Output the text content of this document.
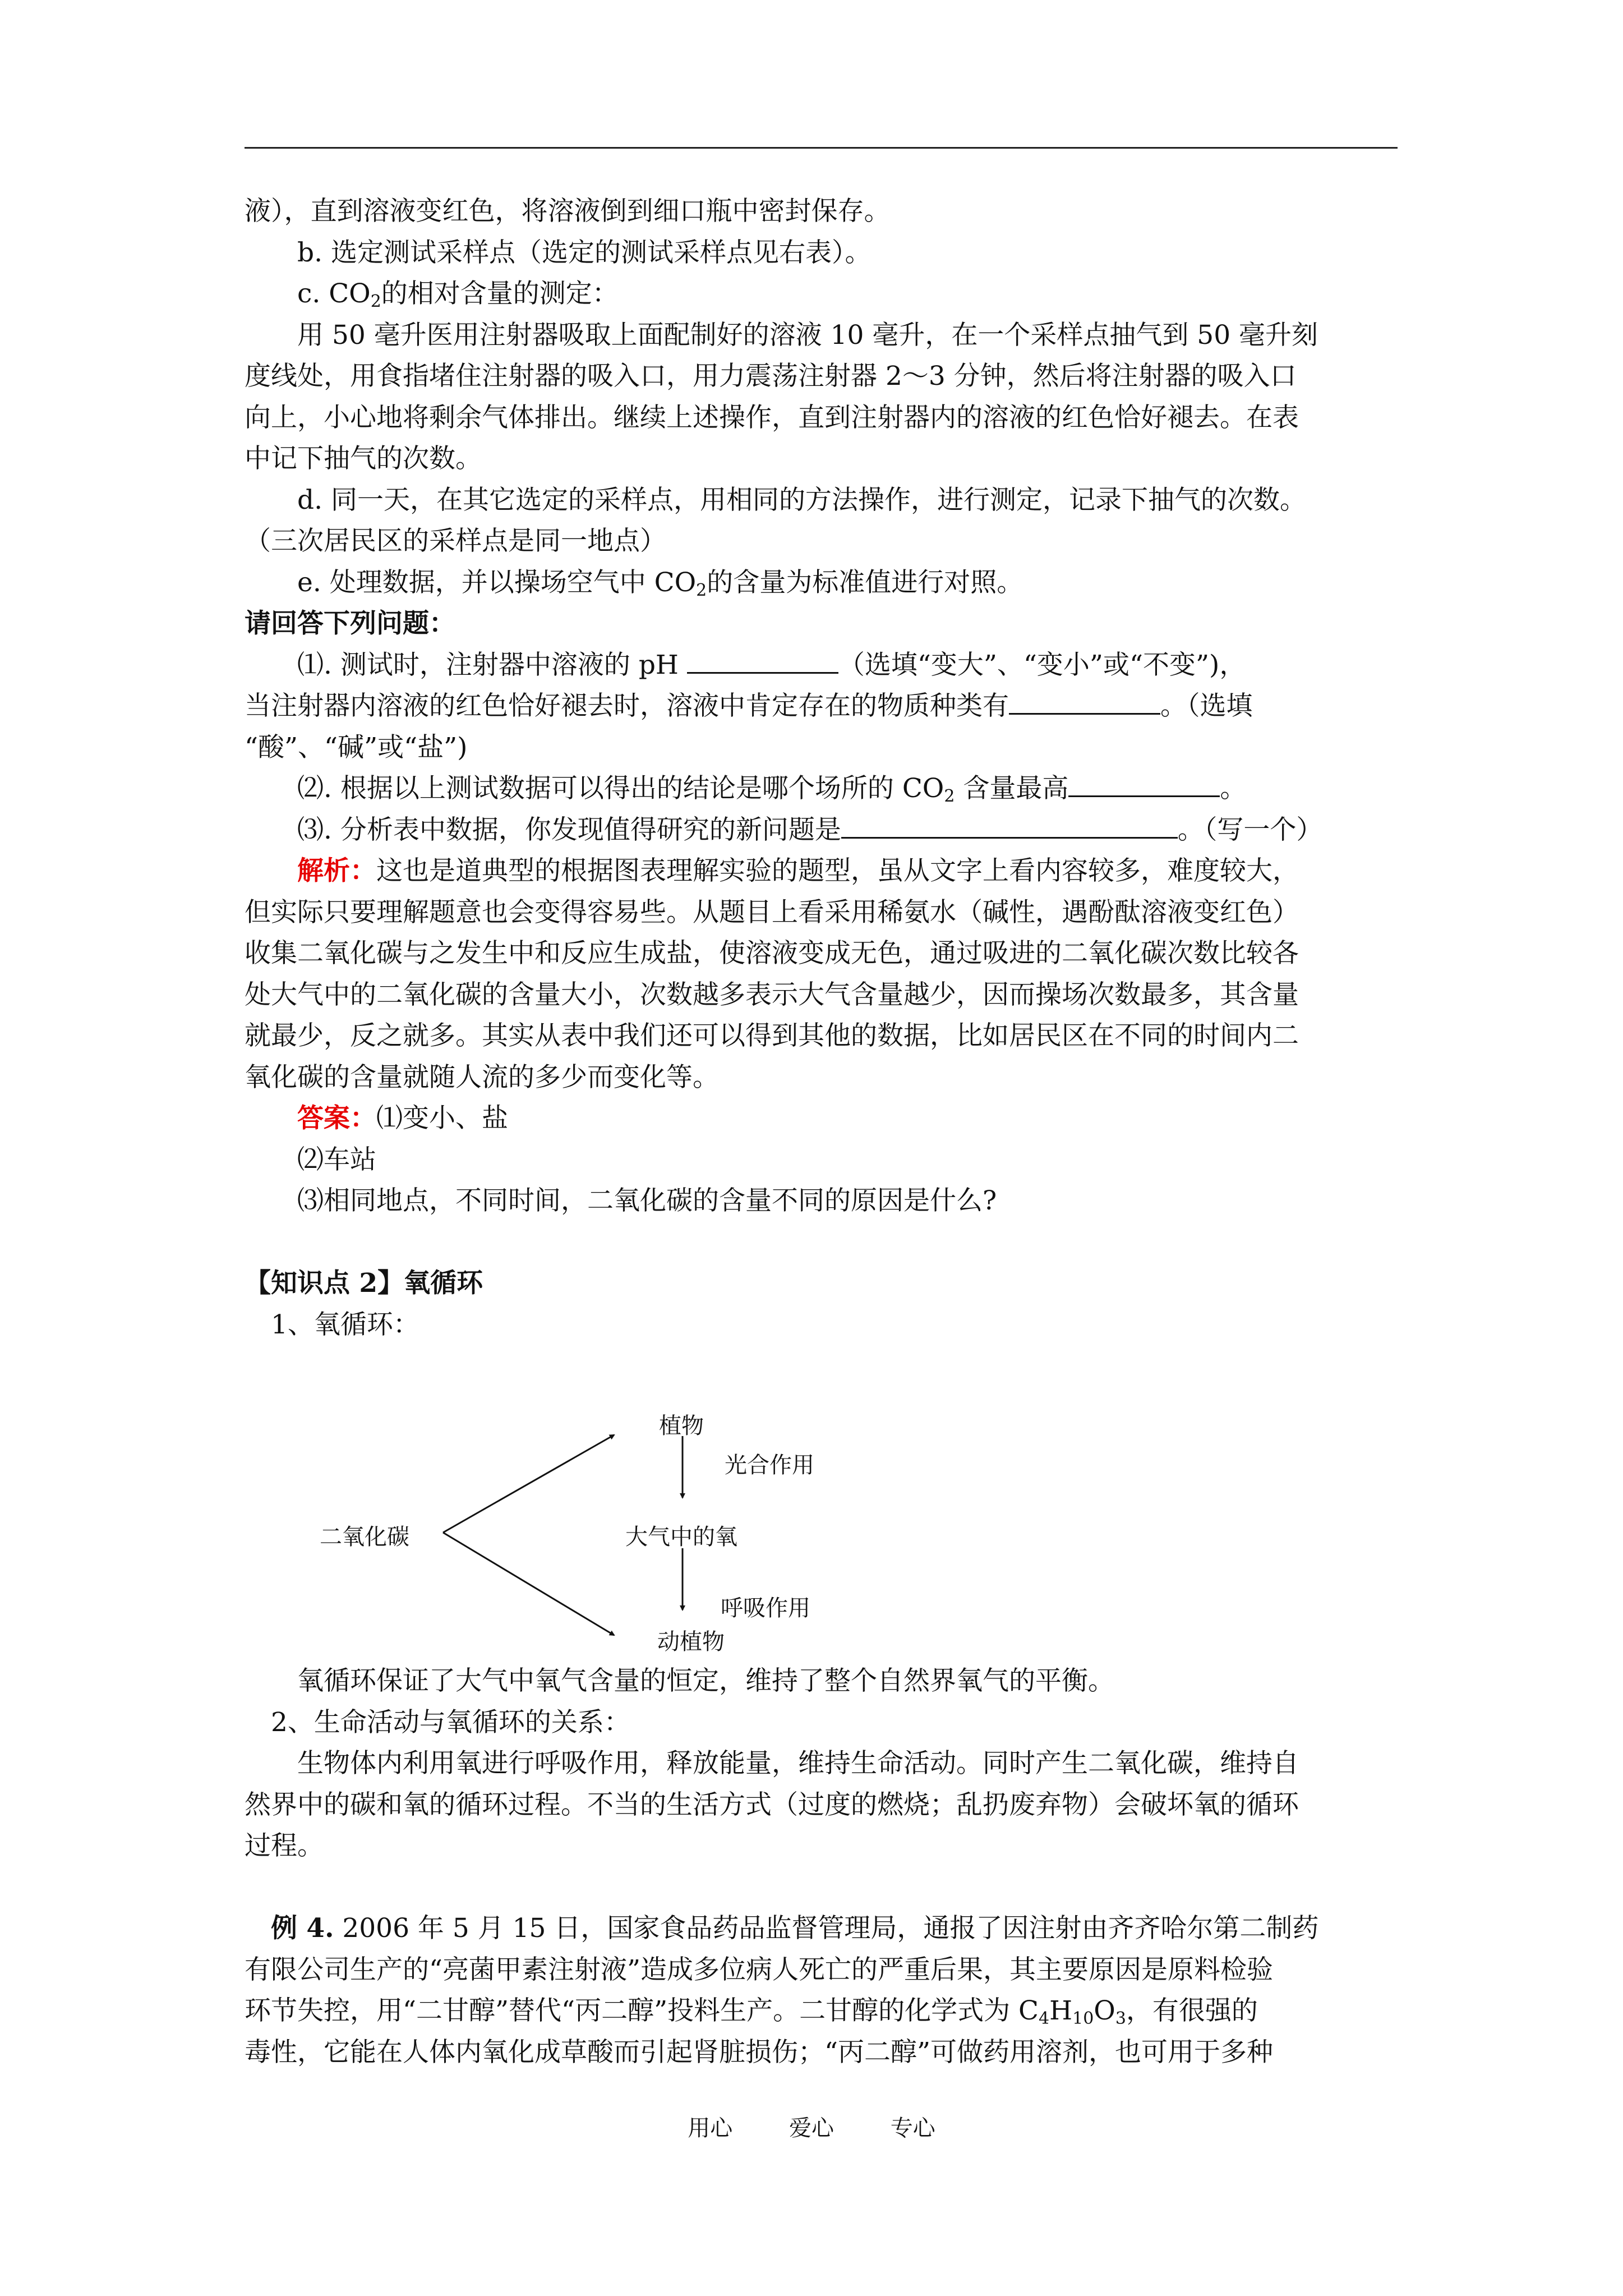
液），直到溶液变红色，将溶液倒到细口瓶中密封保存。
b. 选定测试采样点（选定的测试采样点见右表）。
c. $CO_2$的相对含量的测定：
用 50 毫升医用注射器吸取上面配制好的溶液 10 毫升，在一个采样点抽气到 50 毫升刻
度线处，用食指堵住注射器的吸入口，用力震荡注射器 2～3 分钟，然后将注射器的吸入口
向上，小心地将剩余气体排出。继续上述操作，直到注射器内的溶液的红色恰好褪去。在表
中记下抽气的次数。
d. 同一天，在其它选定的采样点，用相同的方法操作，进行测定，记录下抽气的次数。
（三次居民区的采样点是同一地点）
e. 处理数据，并以操场空气中 $CO_2$的含量为标准值进行对照。
请回答下列问题：
⑴. 测试时，注射器中溶液的 pH	（选填“变大”、“变小”或“不变”)，
当注射器内溶液的红色恰好褪去时，溶液中肯定存在的物质种类有	。（选填
“酸”、“碱”或“盐”)
⑵. 根据以上测试数据可以得出的结论是哪个场所的 $CO_2$ 含量最高	。
⑶. 分析表中数据，你发现值得研究的新问题是	。（写一个）
解析：这也是道典型的根据图表理解实验的题型，虽从文字上看内容较多，难度较大，
但实际只要理解题意也会变得容易些。从题目上看采用稀氨水（碱性，遇酚酞溶液变红色）
收集二氧化碳与之发生中和反应生成盐，使溶液变成无色，通过吸进的二氧化碳次数比较各
处大气中的二氧化碳的含量大小，次数越多表示大气含量越少，因而操场次数最多，其含量
就最少，反之就多。其实从表中我们还可以得到其他的数据，比如居民区在不同的时间内二
氧化碳的含量就随人流的多少而变化等。
答案：⑴变小、盐
⑵车站
⑶相同地点，不同时间，二氧化碳的含量不同的原因是什么?
【知识点 2】氧循环
1、氧循环：
二氧化碳
植物
光合作用
大气中的氧
呼吸作用
动植物
氧循环保证了大气中氧气含量的恒定，维持了整个自然界氧气的平衡。
2、生命活动与氧循环的关系：
生物体内利用氧进行呼吸作用，释放能量，维持生命活动。同时产生二氧化碳，维持自
然界中的碳和氧的循环过程。不当的生活方式（过度的燃烧；乱扔废弃物）会破坏氧的循环
过程。
例 4. 2006 年 5 月 15 日，国家食品药品监督管理局，通报了因注射由齐齐哈尔第二制药
有限公司生产的“亮菌甲素注射液”造成多位病人死亡的严重后果，其主要原因是原料检验
环节失控，用“二甘醇”替代“丙二醇”投料生产。二甘醇的化学式为 $C_4H_{10}O_3$，有很强的
毒性，它能在人体内氧化成草酸而引起肾脏损伤；“丙二醇”可做药用溶剂，也可用于多种
用心	爱心	专心
